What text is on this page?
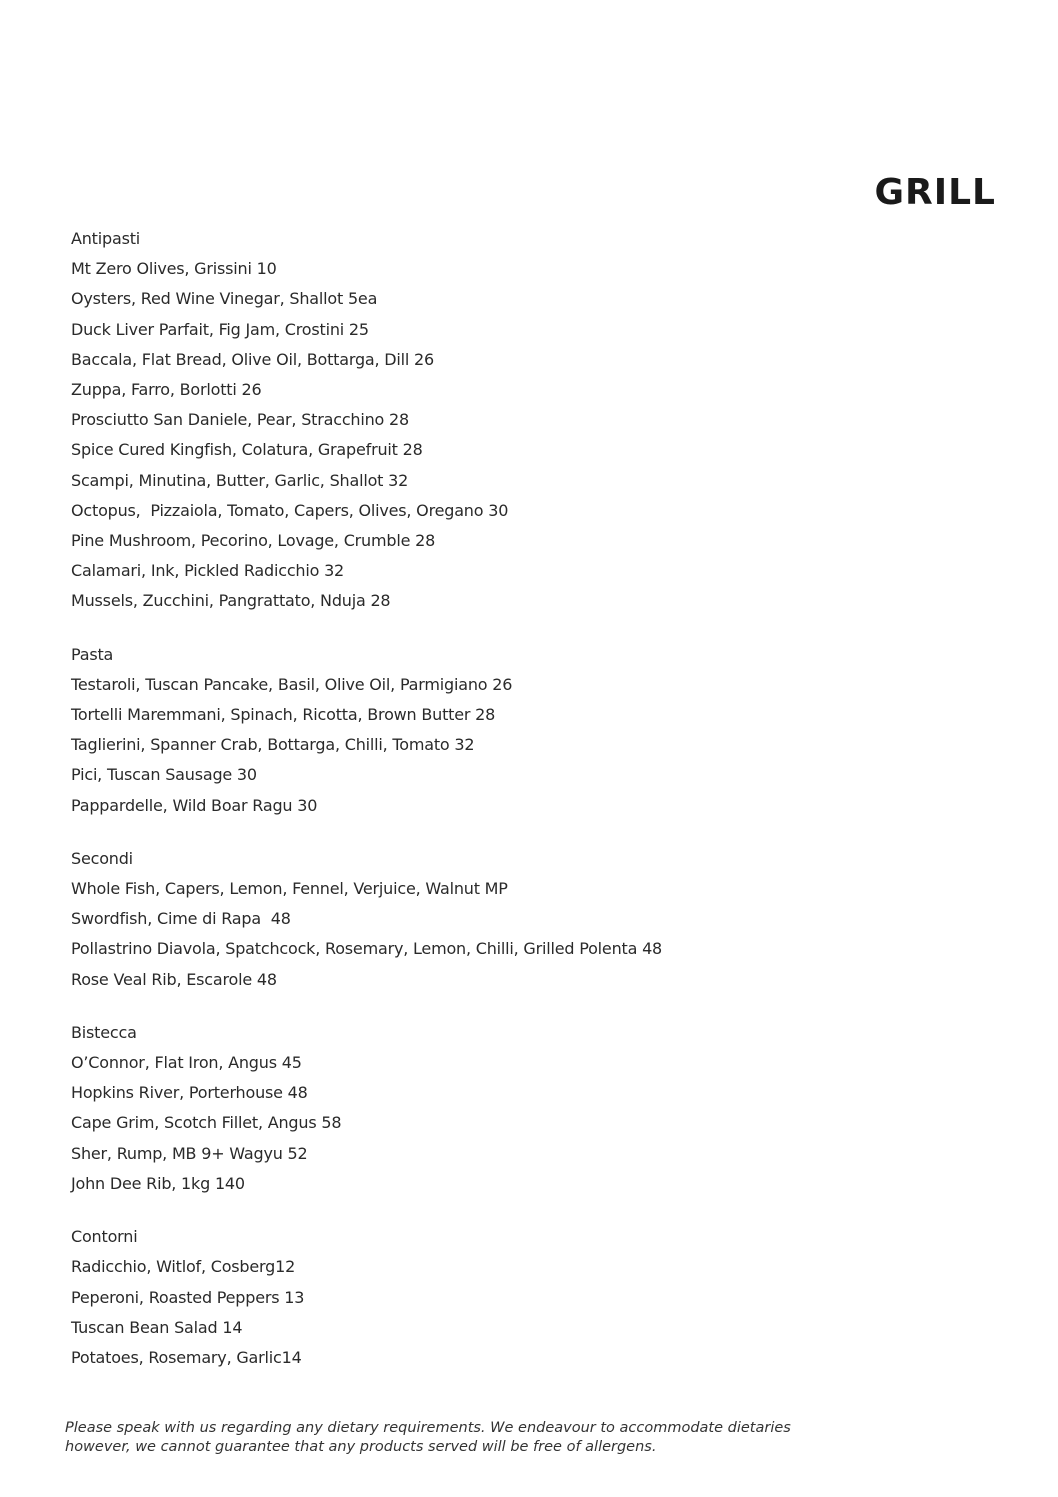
GRILL
Antipasti
Mt Zero Olives, Grissini 10
Oysters, Red Wine Vinegar, Shallot 5ea
Duck Liver Parfait, Fig Jam, Crostini 25
Baccala, Flat Bread, Olive Oil, Bottarga, Dill 26
Zuppa, Farro, Borlotti 26
Prosciutto San Daniele, Pear, Stracchino 28
Spice Cured Kingfish, Colatura, Grapefruit 28
Scampi, Minutina, Butter, Garlic, Shallot 32
Octopus,  Pizzaiola, Tomato, Capers, Olives, Oregano 30
Pine Mushroom, Pecorino, Lovage, Crumble 28
Calamari, Ink, Pickled Radicchio 32
Mussels, Zucchini, Pangrattato, Nduja 28
Pasta
Testaroli, Tuscan Pancake, Basil, Olive Oil, Parmigiano 26
Tortelli Maremmani, Spinach, Ricotta, Brown Butter 28
Taglierini, Spanner Crab, Bottarga, Chilli, Tomato 32
Pici, Tuscan Sausage 30
Pappardelle, Wild Boar Ragu 30
Secondi
Whole Fish, Capers, Lemon, Fennel, Verjuice, Walnut MP
Swordfish, Cime di Rapa  48
Pollastrino Diavola, Spatchcock, Rosemary, Lemon, Chilli, Grilled Polenta 48
Rose Veal Rib, Escarole 48
Bistecca
O’Connor, Flat Iron, Angus 45
Hopkins River, Porterhouse 48
Cape Grim, Scotch Fillet, Angus 58
Sher, Rump, MB 9+ Wagyu 52
John Dee Rib, 1kg 140
Contorni
Radicchio, Witlof, Cosberg12
Peperoni, Roasted Peppers 13
Tuscan Bean Salad 14
Potatoes, Rosemary, Garlic14

Please speak with us regarding any dietary requirements. We endeavour to accommodate dietaries
however, we cannot guarantee that any products served will be free of allergens.
